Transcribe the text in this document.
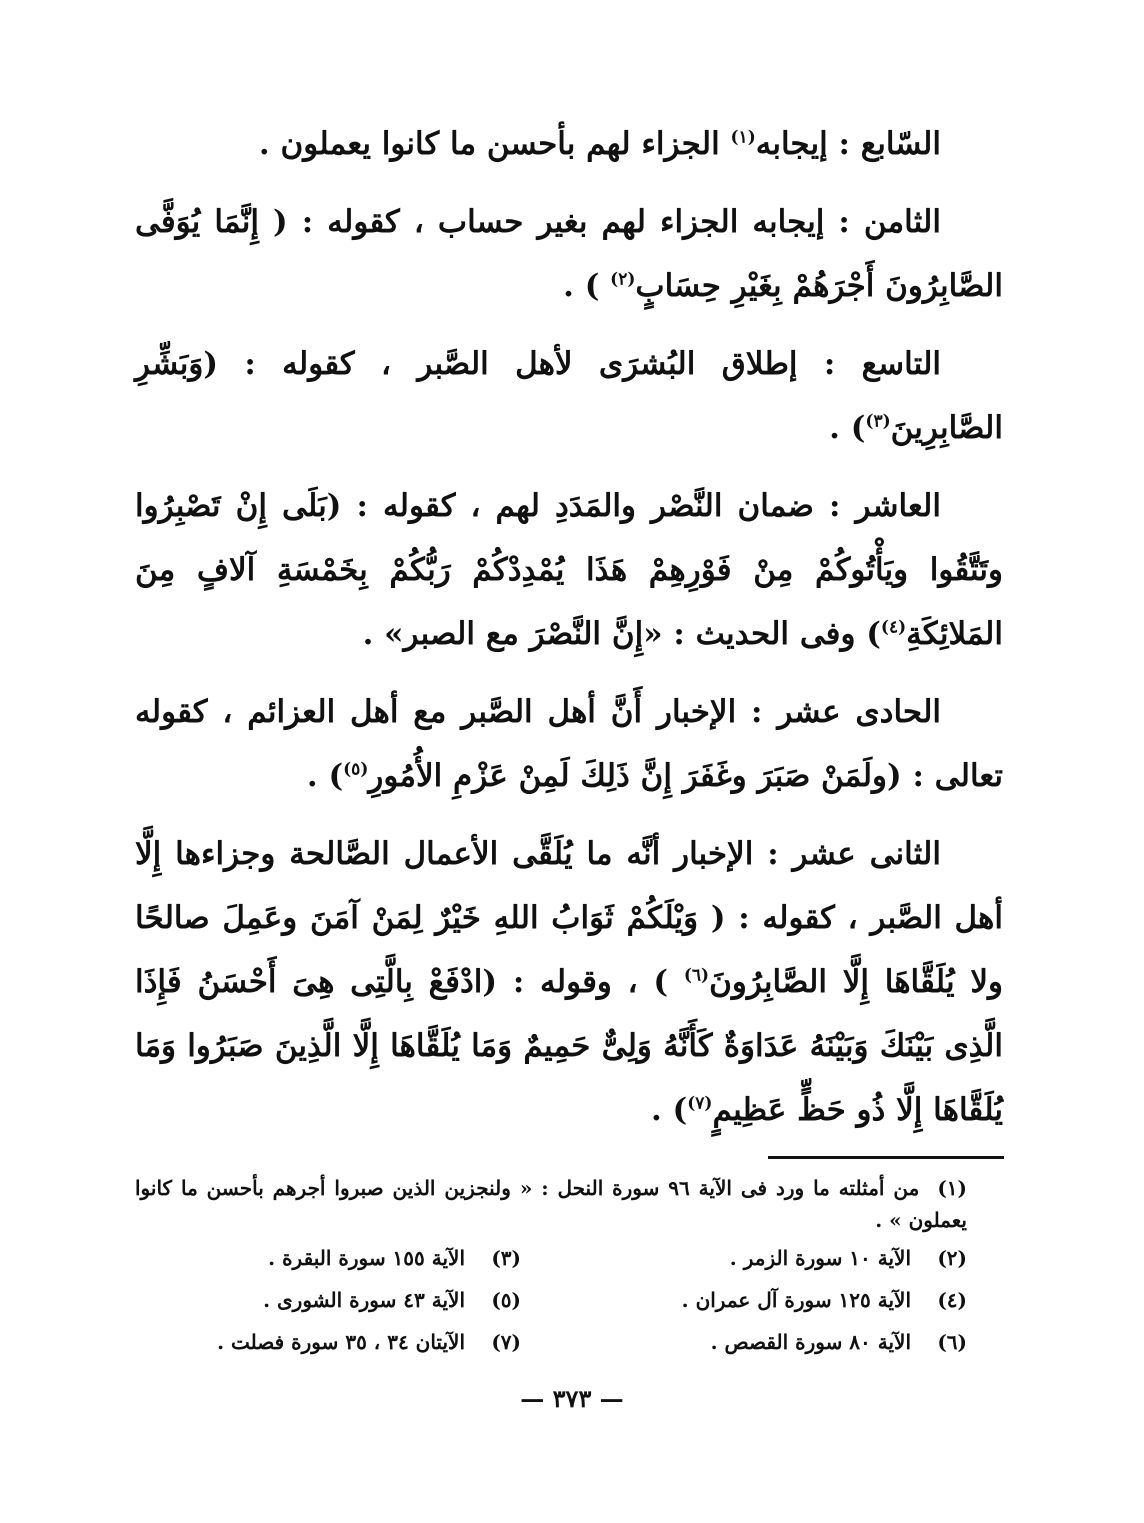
السّابع : إيجابه$^{(١)}$ الجزاء لهم بأحسن ما كانوا يعملون .

الثامن : إيجابه الجزاء لهم بغير حساب ، كقوله : ( إِنَّمَا يُوَفَّى الصَّابِرُونَ أَجْرَهُمْ بِغَيْرِ حِسَابٍ$^{(٢)}$ ) .

التاسع : إطلاق البُشرَى لأهل الصَّبر ، كقوله : (وَبَشِّرِ الصَّابِرِينَ$^{(٣)}$) .

العاشر : ضمان النَّصْر والمَدَدِ لهم ، كقوله : (بَلَى إِنْ تَصْبِرُوا وتَتَّقُوا ويَأْتُوكُمْ مِنْ فَوْرِهِمْ هَذَا يُمْدِدْكُمْ رَبُّكُمْ بِخَمْسَةِ آلافٍ مِنَ المَلائِكَةِ$^{(٤)}$) وفى الحديث : «إِنَّ النَّصْرَ مع الصبر» .

الحادى عشر : الإخبار أَنَّ أهل الصَّبر مع أهل العزائم ، كقوله تعالى : (ولَمَنْ صَبَرَ وغَفَرَ إِنَّ ذَلِكَ لَمِنْ عَزْمِ الأُمُورِ$^{(٥)}$) .

الثانى عشر : الإخبار أنَّه ما يُلَقَّى الأعمال الصَّالحة وجزاءها إِلَّا أهل الصَّبر ، كقوله : ( وَيْلَكُمْ ثَوَابُ اللهِ خَيْرٌ لِمَنْ آمَنَ وعَمِلَ صالحًا ولا يُلَقَّاهَا إِلَّا الصَّابِرُونَ$^{(٦)}$ ) ، وقوله : (ادْفَعْ بِالَّتِى هِىَ أَحْسَنُ فَإِذَا الَّذِى بَيْنَكَ وَبَيْنَهُ عَدَاوَةٌ كَأَنَّهُ وَلِىٌّ حَمِيمٌ وَمَا يُلَقَّاهَا إِلَّا الَّذِينَ صَبَرُوا وَمَا يُلَقَّاهَا إِلَّا ذُو حَظٍّ عَظِيمٍ$^{(٧)}$) .

(١)من أمثلته ما ورد فى الآية ٩٦ سورة النحل : « ولنجزين الذين صبروا أجرهم بأحسن ما كانوا يعملون » .
(٢)الآية ١٠ سورة الزمر .
(٣)الآية ١٥٥ سورة البقرة .
(٤)الآية ١٢٥ سورة آل عمران .
(٥)الآية ٤٣ سورة الشورى .
(٦)الآية ٨٠ سورة القصص .
(٧)الآيتان ٣٤ ، ٣٥ سورة فصلت .
— ٣٧٣ —
